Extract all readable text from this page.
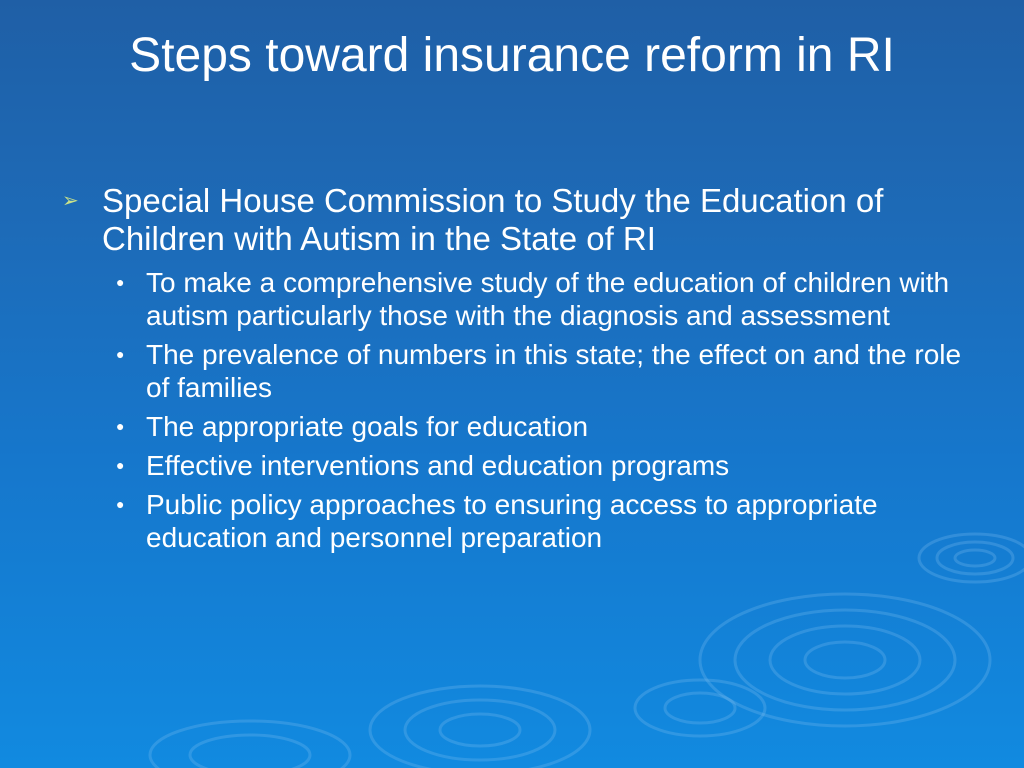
Steps toward insurance reform in RI
➢ Special House Commission to Study the Education of Children with Autism in the State of RI
● To make a comprehensive study of the education of children with autism particularly those with the diagnosis and assessment
● The prevalence of numbers in this state; the effect on and the role of families
● The appropriate goals for education
● Effective interventions and education programs
● Public policy approaches to ensuring access to appropriate education and personnel preparation
